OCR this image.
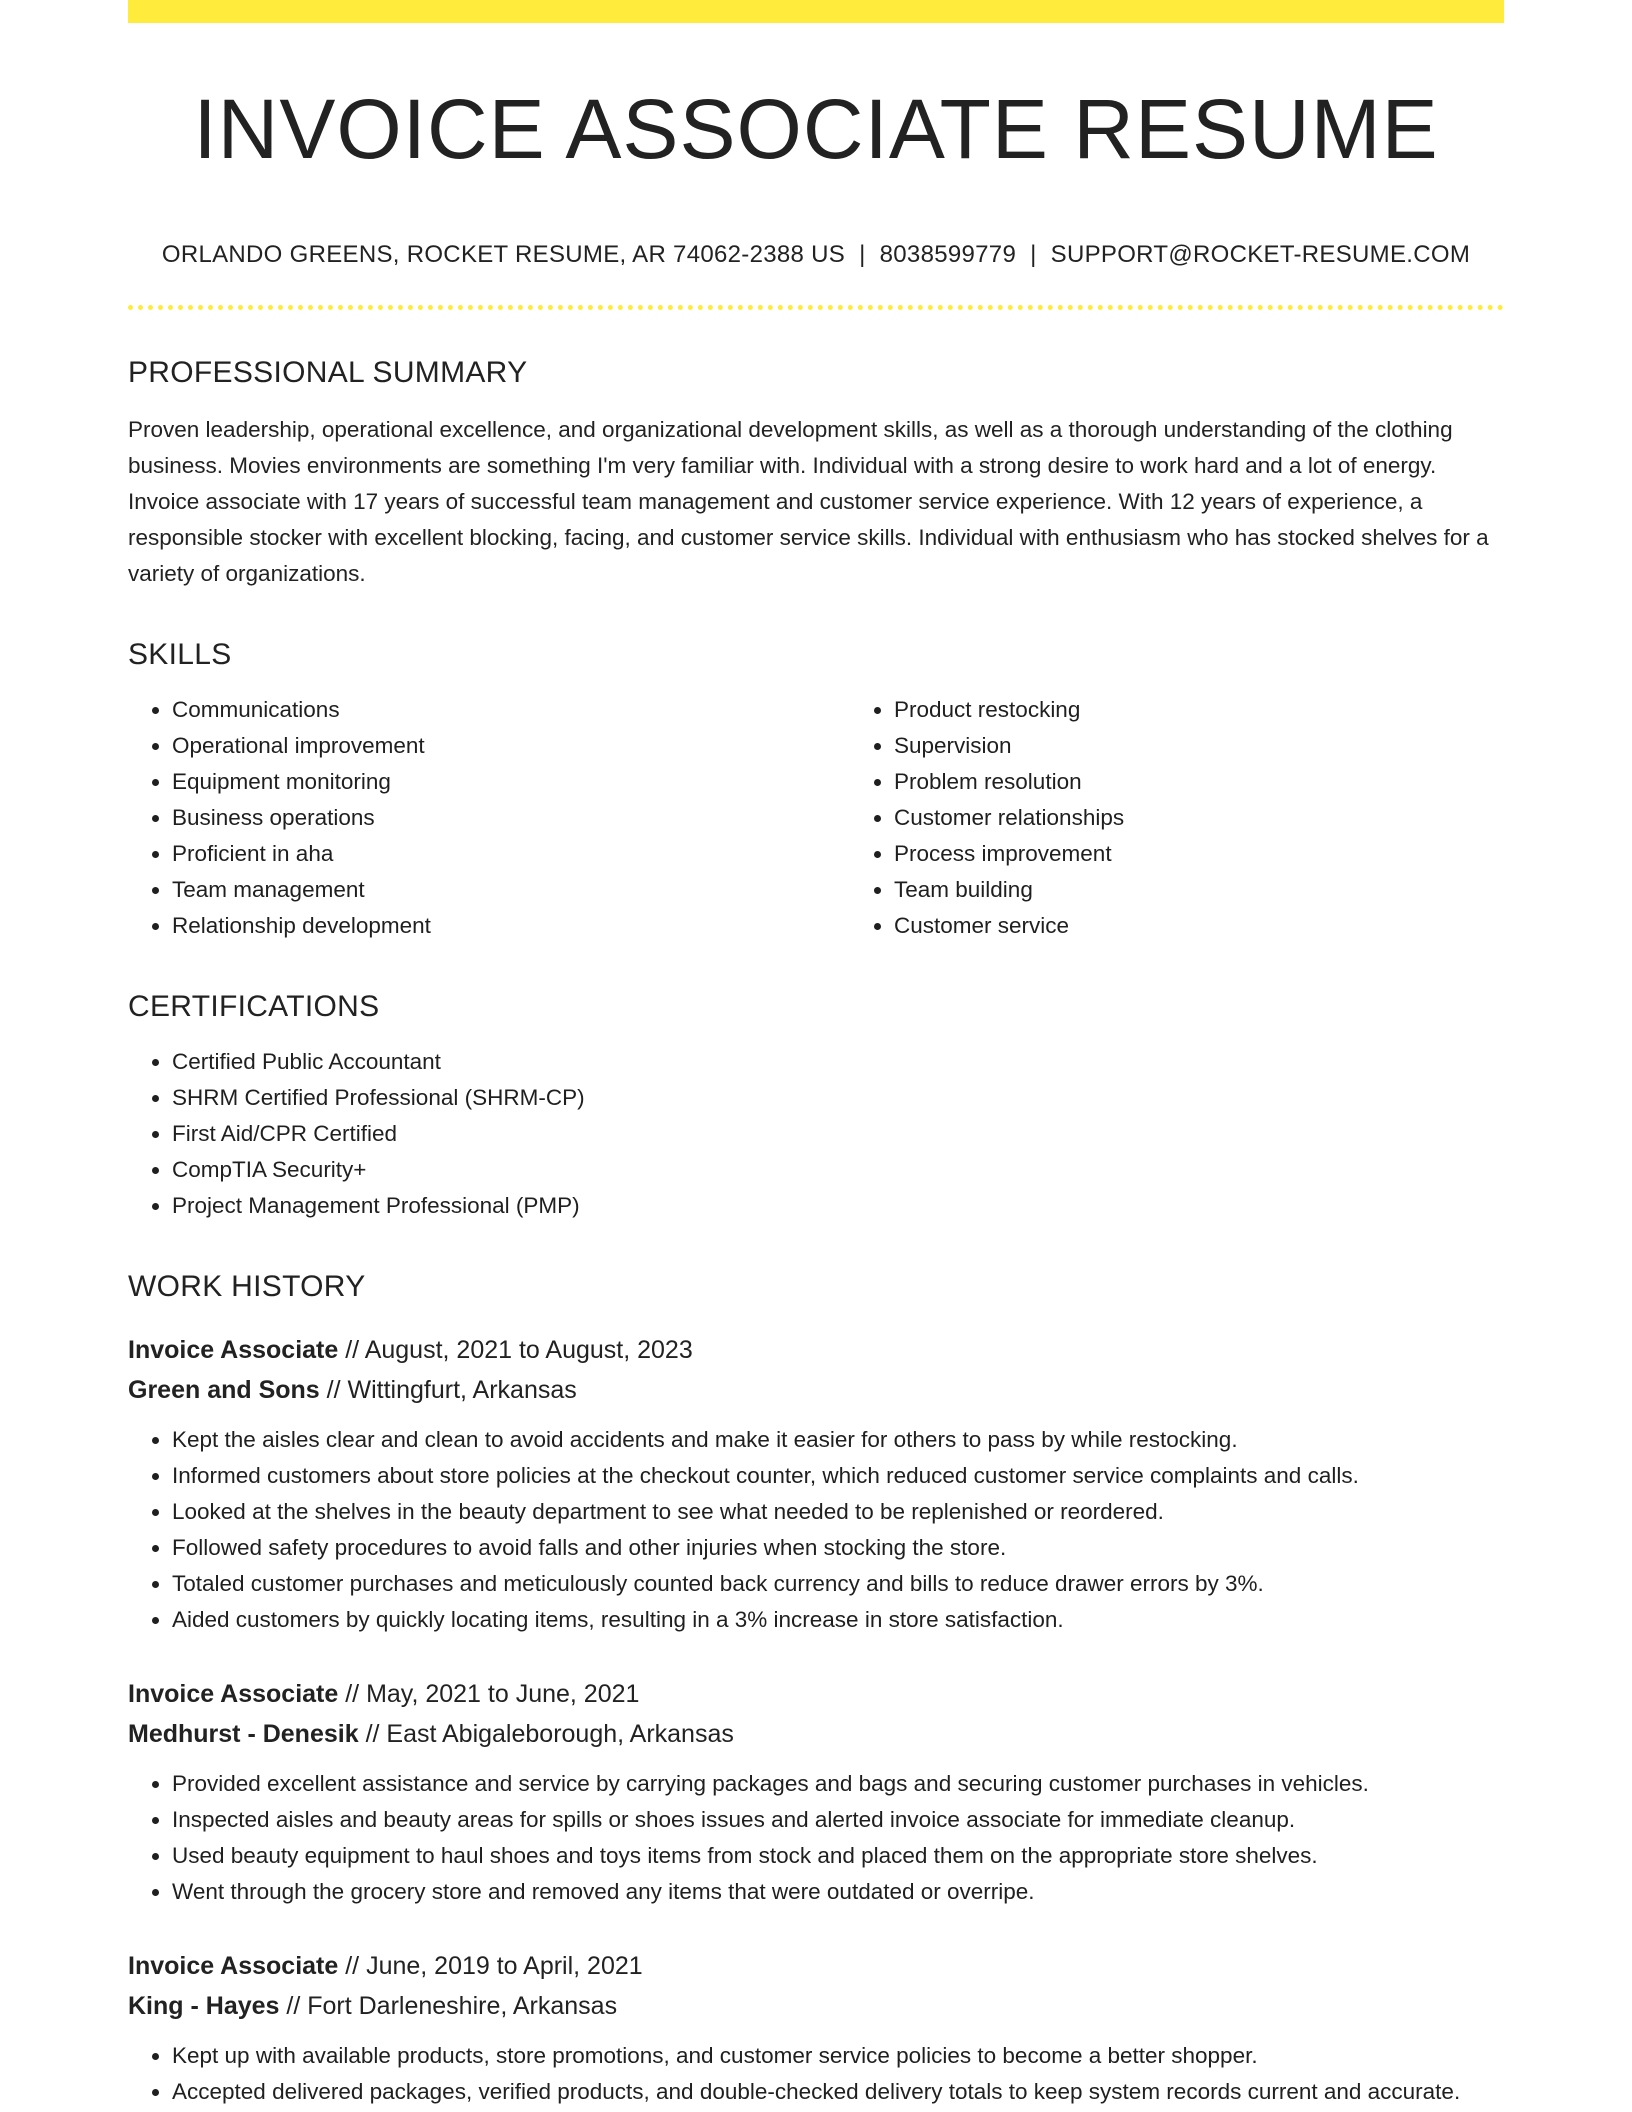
INVOICE ASSOCIATE RESUME
ORLANDO GREENS, ROCKET RESUME, AR 74062-2388 US | 8038599779 | SUPPORT@ROCKET-RESUME.COM
PROFESSIONAL SUMMARY

Proven leadership, operational excellence, and organizational development skills, as well as a thorough understanding of the clothing business. Movies environments are something I'm very familiar with. Individual with a strong desire to work hard and a lot of energy. Invoice associate with 17 years of successful team management and customer service experience. With 12 years of experience, a responsible stocker with excellent blocking, facing, and customer service skills. Individual with enthusiasm who has stocked shelves for a variety of organizations.

SKILLS
• Communications
• Operational improvement
• Equipment monitoring
• Business operations
• Proficient in aha
• Team management
• Relationship development
• Product restocking
• Supervision
• Problem resolution
• Customer relationships
• Process improvement
• Team building
• Customer service
CERTIFICATIONS
• Certified Public Accountant
• SHRM Certified Professional (SHRM-CP)
• First Aid/CPR Certified
• CompTIA Security+
• Project Management Professional (PMP)
WORK HISTORY
Invoice Associate // August, 2021 to August, 2023
Green and Sons // Wittingfurt, Arkansas
• Kept the aisles clear and clean to avoid accidents and make it easier for others to pass by while restocking.
• Informed customers about store policies at the checkout counter, which reduced customer service complaints and calls.
• Looked at the shelves in the beauty department to see what needed to be replenished or reordered.
• Followed safety procedures to avoid falls and other injuries when stocking the store.
• Totaled customer purchases and meticulously counted back currency and bills to reduce drawer errors by 3%.
• Aided customers by quickly locating items, resulting in a 3% increase in store satisfaction.
Invoice Associate // May, 2021 to June, 2021
Medhurst - Denesik // East Abigaleborough, Arkansas
• Provided excellent assistance and service by carrying packages and bags and securing customer purchases in vehicles.
• Inspected aisles and beauty areas for spills or shoes issues and alerted invoice associate for immediate cleanup.
• Used beauty equipment to haul shoes and toys items from stock and placed them on the appropriate store shelves.
• Went through the grocery store and removed any items that were outdated or overripe.
Invoice Associate // June, 2019 to April, 2021
King - Hayes // Fort Darleneshire, Arkansas
• Kept up with available products, store promotions, and customer service policies to become a better shopper.
• Accepted delivered packages, verified products, and double-checked delivery totals to keep system records current and accurate.
